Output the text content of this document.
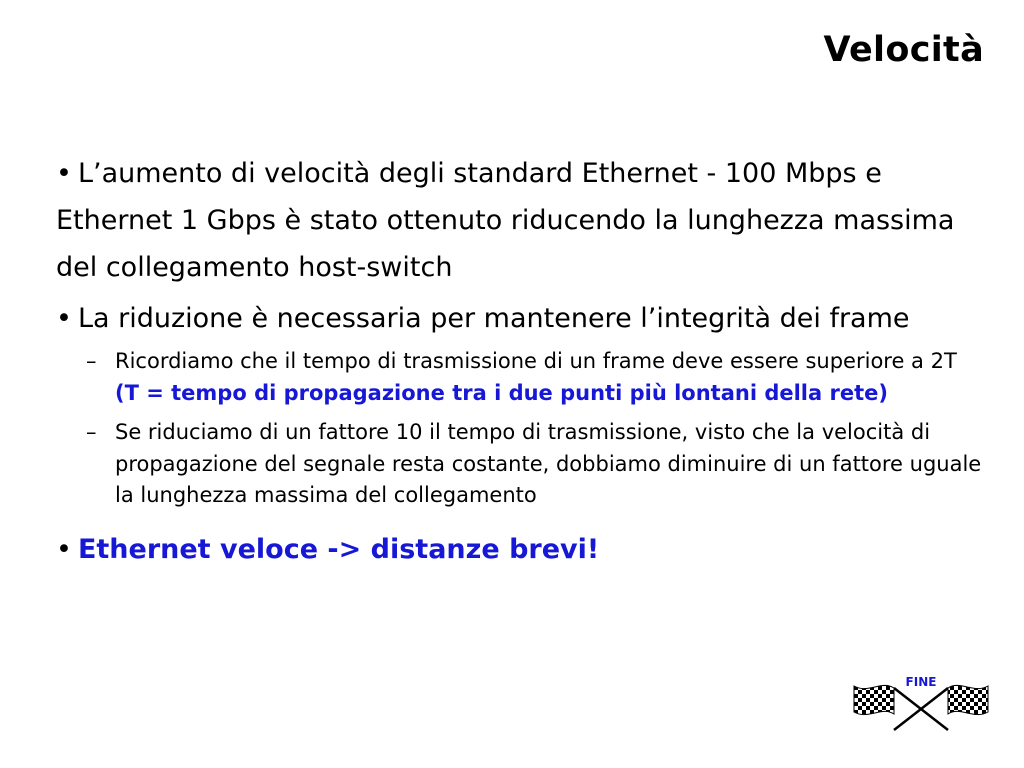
Velocità

• L’aumento di velocità degli standard Ethernet - 100 Mbps e Ethernet 1 Gbps è stato ottenuto riducendo la lunghezza massima del collegamento host-switch

• La riduzione è necessaria per mantenere l’integrità dei frame

– Ricordiamo che il tempo di trasmissione di un frame deve essere superiore a 2T (T = tempo di propagazione tra i due punti più lontani della rete)

– Se riduciamo di un fattore 10 il tempo di trasmissione, visto che la velocità di propagazione del segnale resta costante, dobbiamo diminuire di un fattore uguale la lunghezza massima del collegamento

• Ethernet veloce -> distanze brevi!

FINE
